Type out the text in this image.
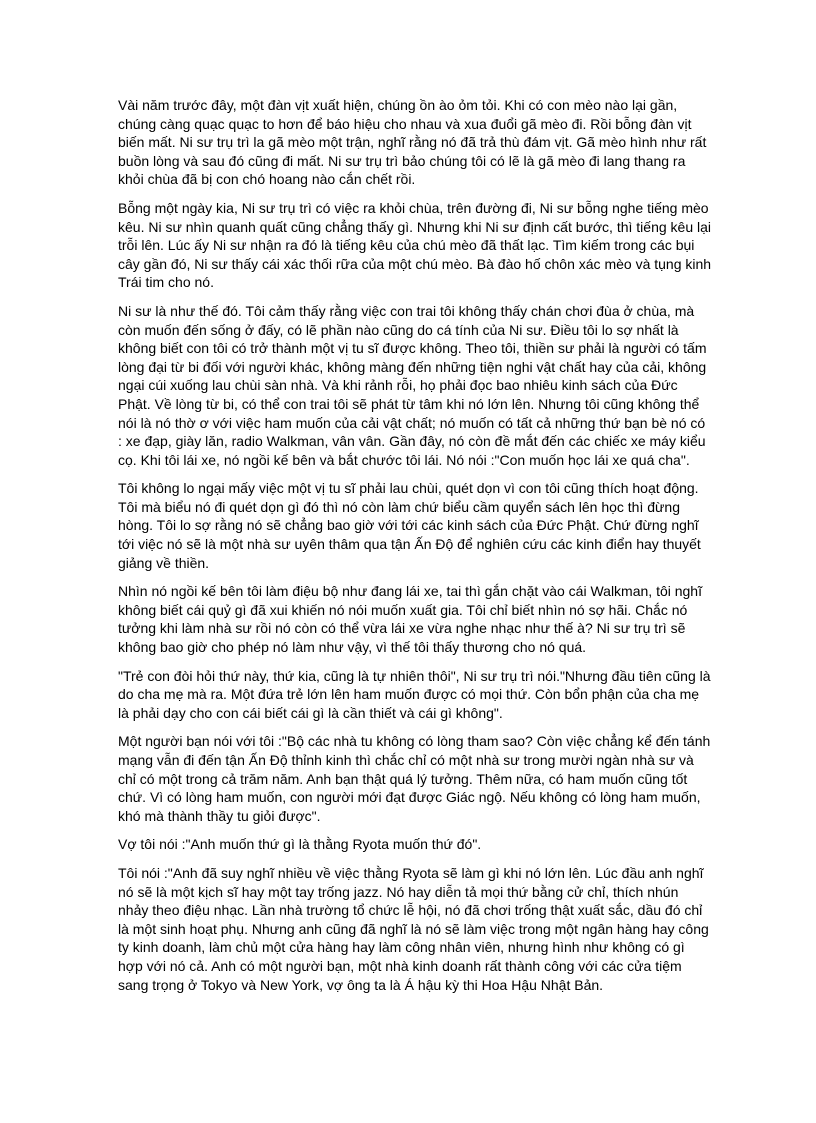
Vài năm trước đây, một đàn vịt xuất hiện, chúng ồn ào ỏm tỏi. Khi có con mèo nào lại gần, chúng càng quạc quạc to hơn để báo hiệu cho nhau và xua đuổi gã mèo đi. Rồi bỗng đàn vịt biến mất. Ni sư trụ trì la gã mèo một trận, nghĩ rằng nó đã trả thù đám vịt. Gã mèo hình như rất buồn lòng và sau đó cũng đi mất. Ni sư trụ trì bảo chúng tôi có lẽ là gã mèo đi lang thang ra khỏi chùa đã bị con chó hoang nào cắn chết rồi.

Bỗng một ngày kia, Ni sư trụ trì có việc ra khỏi chùa, trên đường đi, Ni sư bỗng nghe tiếng mèo kêu. Ni sư nhìn quanh quất cũng chẳng thấy gì. Nhưng khi Ni sư định cất bước, thì tiếng kêu lại trỗi lên. Lúc ấy Ni sư nhận ra đó là tiếng kêu của chú mèo đã thất lạc. Tìm kiếm trong các bụi cây gần đó, Ni sư thấy cái xác thối rữa của một chú mèo. Bà đào hố chôn xác mèo và tụng kinh Trái tim cho nó.

Ni sư là như thế đó. Tôi cảm thấy rằng việc con trai tôi không thấy chán chơi đùa ở chùa, mà còn muốn đến sống ở đấy, có lẽ phần nào cũng do cá tính của Ni sư. Điều tôi lo sợ nhất là không biết con tôi có trở thành một vị tu sĩ được không. Theo tôi, thiền sư phải là người có tấm lòng đại từ bi đối với người khác, không màng đến những tiện nghi vật chất hay của cải, không ngại cúi xuống lau chùi sàn nhà. Và khi rảnh rỗi, họ phải đọc bao nhiêu kinh sách của Đức Phật. Về lòng từ bi, có thể con trai tôi sẽ phát từ tâm khi nó lớn lên. Nhưng tôi cũng không thể nói là nó thờ ơ với việc ham muốn của cải vật chất; nó muốn có tất cả những thứ bạn bè nó có : xe đạp, giày lăn, radio Walkman, vân vân. Gần đây, nó còn đề mắt đến các chiếc xe máy kiểu cọ. Khi tôi lái xe, nó ngồi kế bên và bắt chước tôi lái. Nó nói :"Con muốn học lái xe quá cha".

Tôi không lo ngại mấy việc một vị tu sĩ phải lau chùi, quét dọn vì con tôi cũng thích hoạt động. Tôi mà biểu nó đi quét dọn gì đó thì nó còn làm chứ biểu cầm quyển sách lên học thì đừng hòng. Tôi lo sợ rằng nó sẽ chẳng bao giờ với tới các kinh sách của Đức Phật. Chứ đừng nghĩ tới việc nó sẽ là một nhà sư uyên thâm qua tận Ấn Độ để nghiên cứu các kinh điển hay thuyết giảng về thiền.

Nhìn nó ngồi kế bên tôi làm điệu bộ như đang lái xe, tai thì gắn chặt vào cái Walkman, tôi nghĩ không biết cái quỷ gì đã xui khiến nó nói muốn xuất gia. Tôi chỉ biết nhìn nó sợ hãi. Chắc nó tưởng khi làm nhà sư rồi nó còn có thể vừa lái xe vừa nghe nhạc như thế à? Ni sư trụ trì sẽ không bao giờ cho phép nó làm như vậy, vì thế tôi thấy thương cho nó quá.

"Trẻ con đòi hỏi thứ này, thứ kia, cũng là tự nhiên thôi", Ni sư trụ trì nói."Nhưng đầu tiên cũng là do cha mẹ mà ra. Một đứa trẻ lớn lên ham muốn được có mọi thứ. Còn bổn phận của cha mẹ là phải dạy cho con cái biết cái gì là cần thiết và cái gì không".

Một người bạn nói với tôi :"Bộ các nhà tu không có lòng tham sao? Còn việc chẳng kể đến tánh mạng vẫn đi đến tận Ấn Độ thỉnh kinh thì chắc chỉ có một nhà sư trong mười ngàn nhà sư và chỉ có một trong cả trăm năm. Anh bạn thật quá lý tưởng. Thêm nữa, có ham muốn cũng tốt chứ. Vì có lòng ham muốn, con người mới đạt được Giác ngộ. Nếu không có lòng ham muốn, khó mà thành thầy tu giỏi được".

Vợ tôi nói :"Anh muốn thứ gì là thằng Ryota muốn thứ đó".

Tôi nói :"Anh đã suy nghĩ nhiều về việc thằng Ryota sẽ làm gì khi nó lớn lên. Lúc đầu anh nghĩ nó sẽ là một kịch sĩ hay một tay trống jazz. Nó hay diễn tả mọi thứ bằng cử chỉ, thích nhún nhảy theo điệu nhạc. Lần nhà trường tổ chức lễ hội, nó đã chơi trống thật xuất sắc, dầu đó chỉ là một sinh hoạt phụ. Nhưng anh cũng đã nghĩ là nó sẽ làm việc trong một ngân hàng hay công ty kinh doanh, làm chủ một cửa hàng hay làm công nhân viên, nhưng hình như không có gì hợp với nó cả. Anh có một người bạn, một nhà kinh doanh rất thành công với các cửa tiệm sang trọng ở Tokyo và New York, vợ ông ta là Á hậu kỳ thi Hoa Hậu Nhật Bản.
